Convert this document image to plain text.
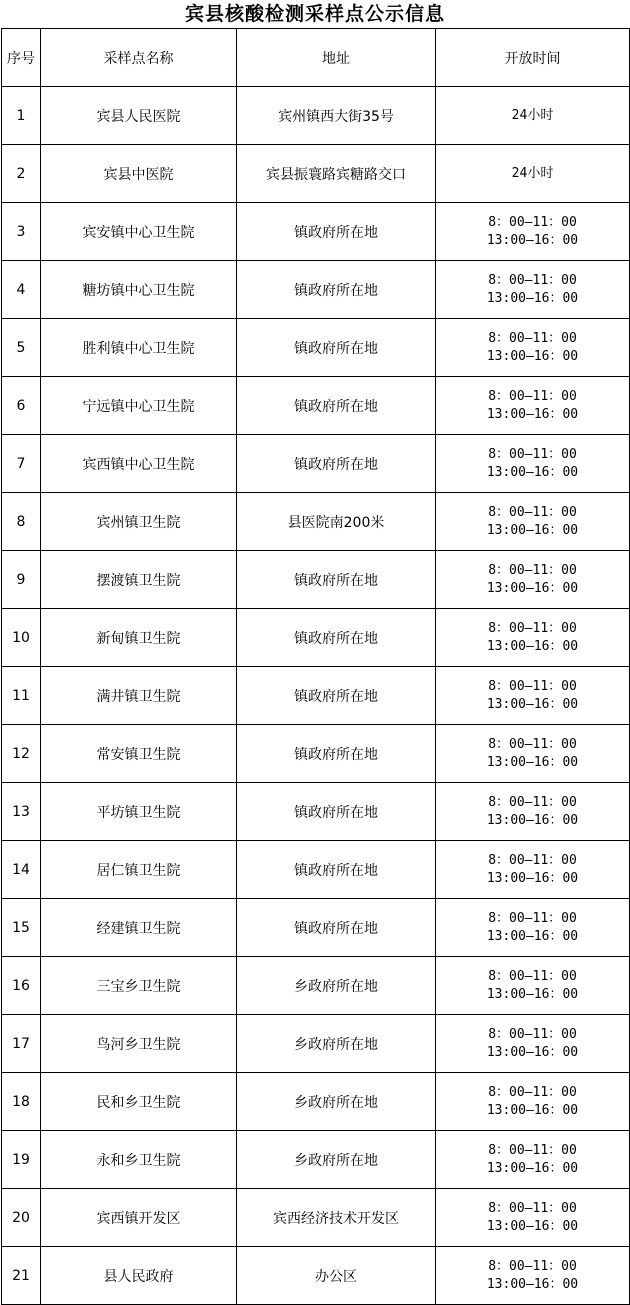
宾县核酸检测采样点公示信息
序号	采样点名称	地址	开放时间
1	宾县人民医院	宾州镇西大街35号	24小时

2	宾县中医院	宾县振寰路宾糖路交口	24小时

3	宾安镇中心卫生院	镇政府所在地	8：00—11：00
13:00—16：00

4	糖坊镇中心卫生院	镇政府所在地	8：00—11：00
13:00—16：00

5	胜利镇中心卫生院	镇政府所在地	8：00—11：00
13:00—16：00

6	宁远镇中心卫生院	镇政府所在地	8：00—11：00
13:00—16：00

7	宾西镇中心卫生院	镇政府所在地	8：00—11：00
13:00—16：00

8	宾州镇卫生院	县医院南200米	8：00—11：00
13:00—16：00

9	摆渡镇卫生院	镇政府所在地	8：00—11：00
13:00—16：00

10	新甸镇卫生院	镇政府所在地	8：00—11：00
13:00—16：00

11	满井镇卫生院	镇政府所在地	8：00—11：00
13:00—16：00

12	常安镇卫生院	镇政府所在地	8：00—11：00
13:00—16：00

13	平坊镇卫生院	镇政府所在地	8：00—11：00
13:00—16：00

14	居仁镇卫生院	镇政府所在地	8：00—11：00
13:00—16：00

15	经建镇卫生院	镇政府所在地	8：00—11：00
13:00—16：00

16	三宝乡卫生院	乡政府所在地	8：00—11：00
13:00—16：00

17	鸟河乡卫生院	乡政府所在地	8：00—11：00
13:00—16：00

18	民和乡卫生院	乡政府所在地	8：00—11：00
13:00—16：00

19	永和乡卫生院	乡政府所在地	8：00—11：00
13:00—16：00

20	宾西镇开发区	宾西经济技术开发区	8：00—11：00
13:00—16：00

21	县人民政府	办公区	8：00—11：00
13:00—16：00
